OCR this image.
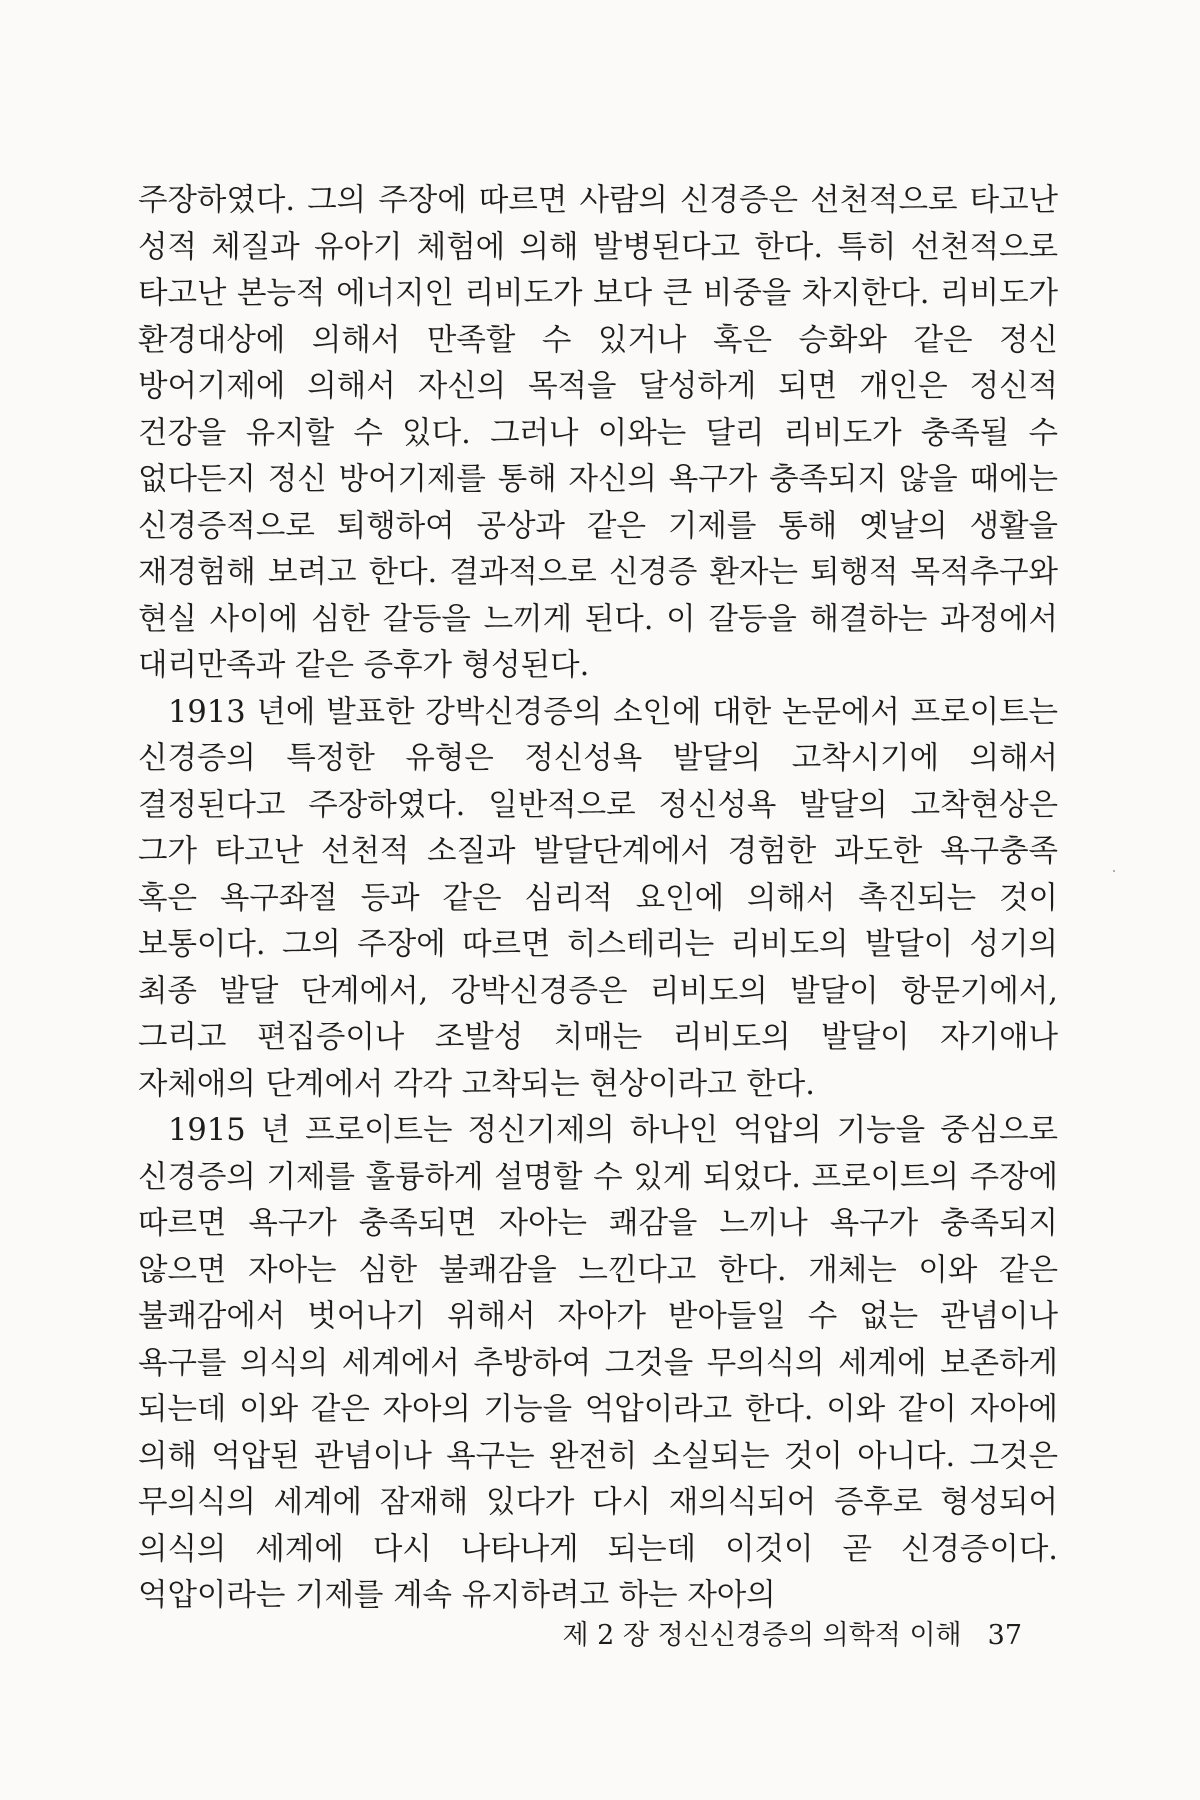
주장하였다. 그의 주장에 따르면 사람의 신경증은 선천적으로 타고난 성적 체질과 유아기 체험에 의해 발병된다고 한다. 특히 선천적으로 타고난 본능적 에너지인 리비도가 보다 큰 비중을 차지한다. 리비도가 환경대상에 의해서 만족할 수 있거나 혹은 승화와 같은 정신 방어기제에 의해서 자신의 목적을 달성하게 되면 개인은 정신적 건강을 유지할 수 있다. 그러나 이와는 달리 리비도가 충족될 수 없다든지 정신 방어기제를 통해 자신의 욕구가 충족되지 않을 때에는 신경증적으로 퇴행하여 공상과 같은 기제를 통해 옛날의 생활을 재경험해 보려고 한다. 결과적으로 신경증 환자는 퇴행적 목적추구와 현실 사이에 심한 갈등을 느끼게 된다. 이 갈등을 해결하는 과정에서 대리만족과 같은 증후가 형성된다.

1913 년에 발표한 강박신경증의 소인에 대한 논문에서 프로이트는 신경증의 특정한 유형은 정신성욕 발달의 고착시기에 의해서 결정된다고 주장하였다. 일반적으로 정신성욕 발달의 고착현상은 그가 타고난 선천적 소질과 발달단계에서 경험한 과도한 욕구충족 혹은 욕구좌절 등과 같은 심리적 요인에 의해서 촉진되는 것이 보통이다. 그의 주장에 따르면 히스테리는 리비도의 발달이 성기의 최종 발달 단계에서, 강박신경증은 리비도의 발달이 항문기에서, 그리고 편집증이나 조발성 치매는 리비도의 발달이 자기애나 자체애의 단계에서 각각 고착되는 현상이라고 한다.

1915 년 프로이트는 정신기제의 하나인 억압의 기능을 중심으로 신경증의 기제를 훌륭하게 설명할 수 있게 되었다. 프로이트의 주장에 따르면 욕구가 충족되면 자아는 쾌감을 느끼나 욕구가 충족되지 않으면 자아는 심한 불쾌감을 느낀다고 한다. 개체는 이와 같은 불쾌감에서 벗어나기 위해서 자아가 받아들일 수 없는 관념이나 욕구를 의식의 세계에서 추방하여 그것을 무의식의 세계에 보존하게 되는데 이와 같은 자아의 기능을 억압이라고 한다. 이와 같이 자아에 의해 억압된 관념이나 욕구는 완전히 소실되는 것이 아니다. 그것은 무의식의 세계에 잠재해 있다가 다시 재의식되어 증후로 형성되어 의식의 세계에 다시 나타나게 되는데 이것이 곧 신경증이다. 억압이라는 기제를 계속 유지하려고 하는 자아의

제 2 장 정신신경증의 의학적 이해 37
